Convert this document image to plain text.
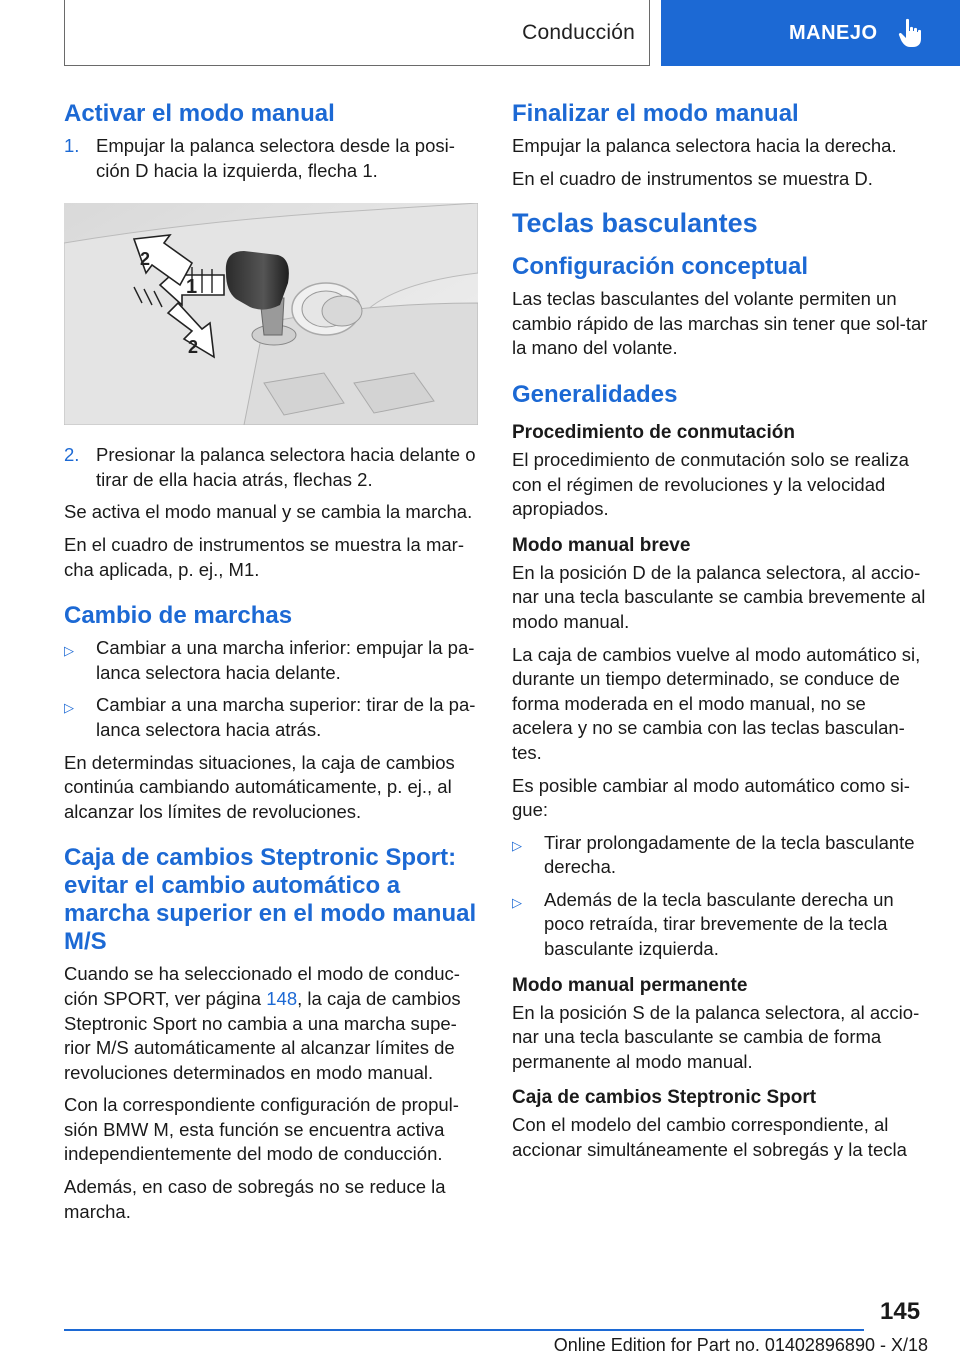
Conducción	MANEJO
Activar el modo manual
1. Empujar la palanca selectora desde la posi-ción D hacia la izquierda, flecha 1.
1
2
2
2. Presionar la palanca selectora hacia delante o tirar de ella hacia atrás, flechas 2.

Se activa el modo manual y se cambia la marcha.

En el cuadro de instrumentos se muestra la mar-cha aplicada, p. ej., M1.

Cambio de marchas
▷	Cambiar a una marcha inferior: empujar la pa-lanca selectora hacia delante.
▷	Cambiar a una marcha superior: tirar de la pa-lanca selectora hacia atrás.

En determindas situaciones, la caja de cambios continúa cambiando automáticamente, p. ej., al alcanzar los límites de revoluciones.

Caja de cambios Steptronic Sport: evitar el cambio automático a marcha superior en el modo manual M/S

Cuando se ha seleccionado el modo de conduc-ción SPORT, ver página 148, la caja de cambios Steptronic Sport no cambia a una marcha supe-rior M/S automáticamente al alcanzar límites de revoluciones determinados en modo manual.

Con la correspondiente configuración de propul-sión BMW M, esta función se encuentra activa independientemente del modo de conducción.

Además, en caso de sobregás no se reduce la marcha.

Finalizar el modo manual

Empujar la palanca selectora hacia la derecha.

En el cuadro de instrumentos se muestra D.

Teclas basculantes
Configuración conceptual

Las teclas basculantes del volante permiten un cambio rápido de las marchas sin tener que sol-tar la mano del volante.

Generalidades
Procedimiento de conmutación

El procedimiento de conmutación solo se realiza con el régimen de revoluciones y la velocidad apropiados.

Modo manual breve

En la posición D de la palanca selectora, al accio-nar una tecla basculante se cambia brevemente al modo manual.

La caja de cambios vuelve al modo automático si, durante un tiempo determinado, se conduce de forma moderada en el modo manual, no se acelera y no se cambia con las teclas basculan-tes.

Es posible cambiar al modo automático como si-gue:

▷	Tirar prolongadamente de la tecla basculante derecha.
▷	Además de la tecla basculante derecha un poco retraída, tirar brevemente de la tecla basculante izquierda.
Modo manual permanente

En la posición S de la palanca selectora, al accio-nar una tecla basculante se cambia de forma permanente al modo manual.

Caja de cambios Steptronic Sport

Con el modelo del cambio correspondiente, al accionar simultáneamente el sobregás y la tecla

145
Online Edition for Part no. 01402896890 - X/18
